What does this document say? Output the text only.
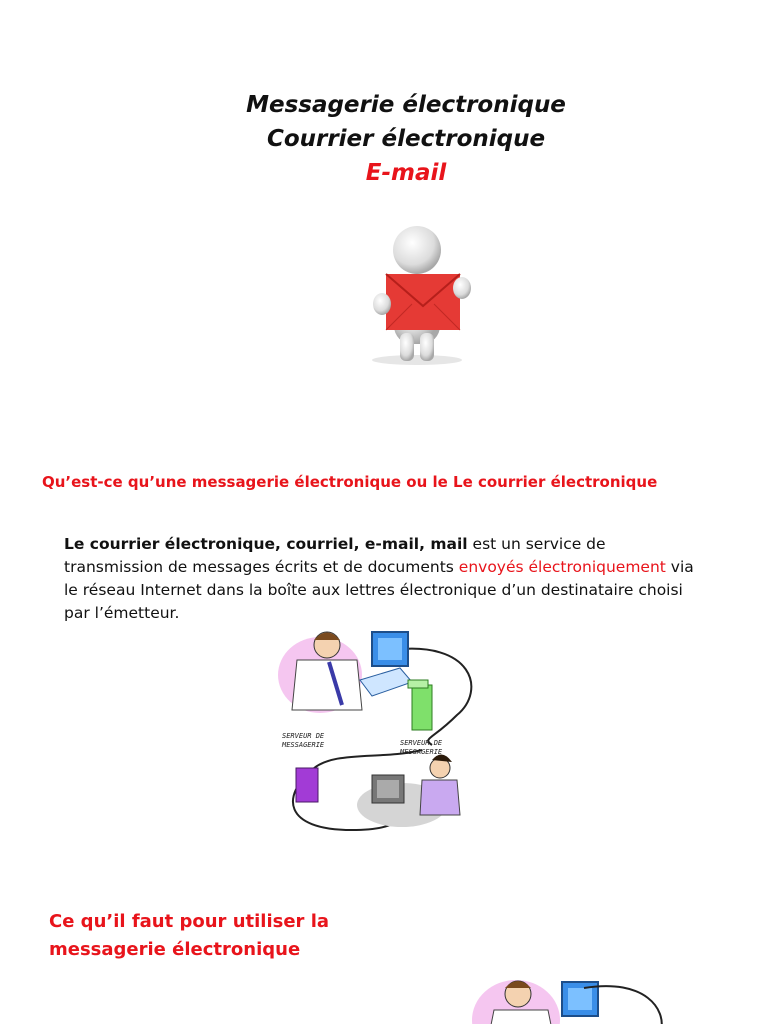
Messagerie électronique
Courrier électronique
E-mail
Qu’est-ce qu’une messagerie électronique ou le Le courrier électronique
Le courrier électronique, courriel, e-mail, mail est un service de transmission de messages écrits et de documents envoyés électroniquement via le réseau Internet dans la boîte aux lettres électronique d’un destinataire choisi par l’émetteur.
SERVEUR DE
MESSAGERIE	SERVEUR DE
MESSAGERIE
Ce qu’il faut pour utiliser la messagerie électronique
